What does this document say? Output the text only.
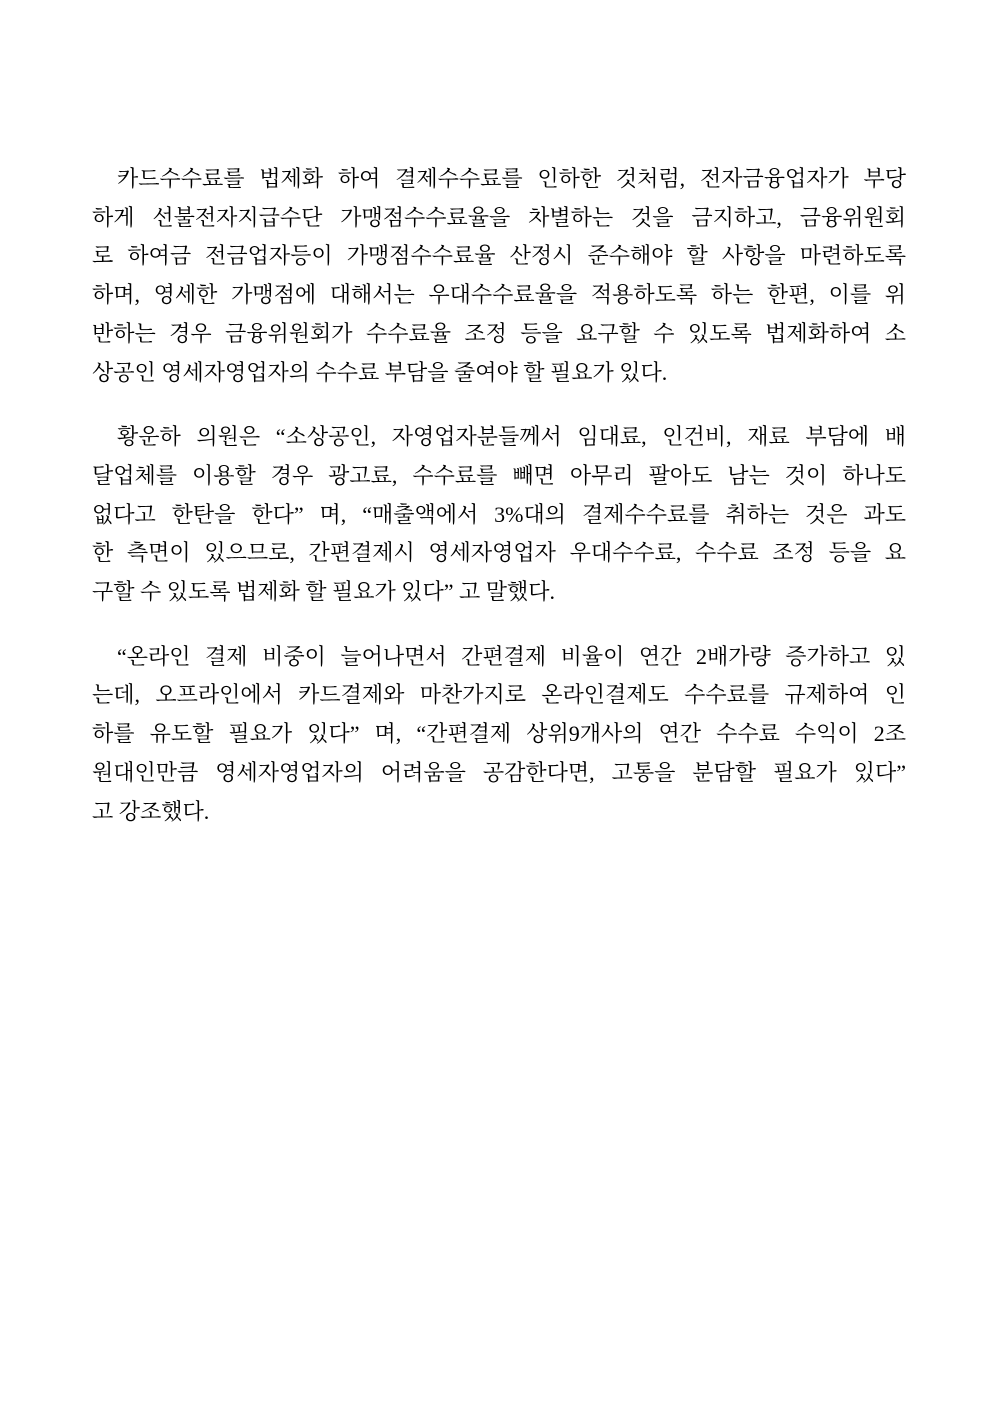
카드수수료를 법제화 하여 결제수수료를 인하한 것처럼, 전자금융업자가 부당
하게 선불전자지급수단 가맹점수수료율을 차별하는 것을 금지하고, 금융위원회
로 하여금 전금업자등이 가맹점수수료율 산정시 준수해야 할 사항을 마련하도록
하며, 영세한 가맹점에 대해서는 우대수수료율을 적용하도록 하는 한편, 이를 위
반하는 경우 금융위원회가 수수료율 조정 등을 요구할 수 있도록 법제화하여 소
상공인 영세자영업자의 수수료 부담을 줄여야 할 필요가 있다.
황운하 의원은 “소상공인, 자영업자분들께서 임대료, 인건비, 재료 부담에 배
달업체를 이용할 경우 광고료, 수수료를 빼면 아무리 팔아도 남는 것이 하나도
없다고 한탄을 한다” 며, “매출액에서 3%대의 결제수수료를 취하는 것은 과도
한 측면이 있으므로, 간편결제시 영세자영업자 우대수수료, 수수료 조정 등을 요
구할 수 있도록 법제화 할 필요가 있다” 고 말했다.
“온라인 결제 비중이 늘어나면서 간편결제 비율이 연간 2배가량 증가하고 있
는데, 오프라인에서 카드결제와 마찬가지로 온라인결제도 수수료를 규제하여 인
하를 유도할 필요가 있다” 며, “간편결제 상위9개사의 연간 수수료 수익이 2조
원대인만큼 영세자영업자의 어려움을 공감한다면, 고통을 분담할 필요가 있다”
고 강조했다.
